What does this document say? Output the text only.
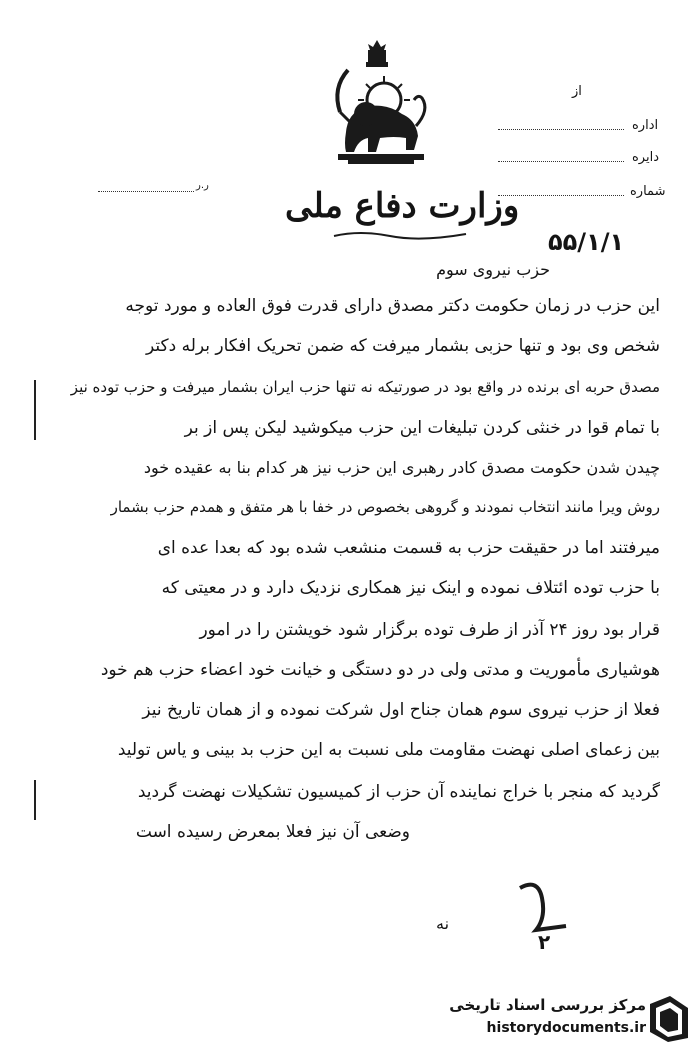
از
اداره
دایره
شماره
ر.ر
وزارت دفاع ملی
۵۵/۱/۱
حزب نیروی سوم
این حزب در زمان حکومت دکتر مصدق دارای قدرت فوق العاده و مورد توجه
شخص وی بود و تنها حزبی بشمار میرفت که ضمن تحریک افکار برله دکتر
مصدق حربه ای برنده در واقع بود در صورتیکه نه تنها حزب ایران بشمار میرفت و حزب توده نیز
با تمام قوا در خنثی کردن تبلیغات این حزب میکوشید لیکن پس از بر
چیدن شدن حکومت مصدق کادر رهبری این حزب نیز هر کدام بنا به عقیده خود
روش ویرا مانند انتخاب نمودند و گروهی بخصوص در خفا با هر متفق و همدم حزب بشمار
میرفتند اما در حقیقت حزب به قسمت منشعب شده بود که بعدا عده ای
با حزب توده ائتلاف نموده و اینک نیز همکاری نزدیک دارد و در معیتی که
قرار بود روز ۲۴ آذر از طرف توده برگزار شود خویشتن را در امور
هوشیاری مأموریت و مدتی ولی در دو دستگی و خیانت خود اعضاء حزب هم خود
فعلا از حزب نیروی سوم همان جناح اول شرکت نموده و از همان تاریخ نیز
بین زعمای اصلی نهضت مقاومت ملی نسبت به این حزب بد بینی و یاس تولید
گردید که منجر با خراج نماینده آن حزب از کمیسیون تشکیلات نهضت گردید
وضعی آن نیز فعلا بمعرض رسیده است
۲
نه
مرکز بررسی اسناد تاریخی
historydocuments.ir
